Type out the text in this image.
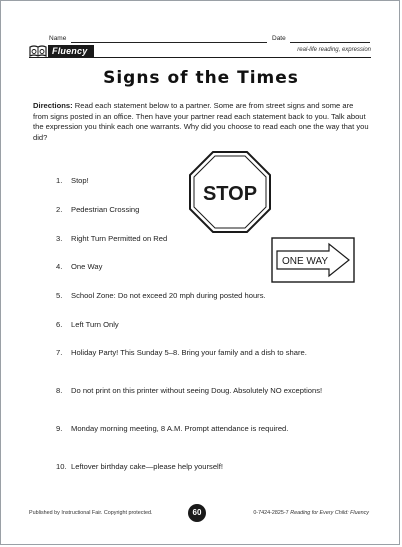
Name	Date
Fluency	real-life reading, expression
Signs of the Times
Directions: Read each statement below to a partner. Some are from street signs and some are from signs posted in an office. Then have your partner read each statement back to you. Talk about the expression you think each one warrants. Why did you choose to read each one the way that you did?
1.	Stop!
2.	Pedestrian Crossing
3.	Right Turn Permitted on Red
4.	One Way
5.	School Zone: Do not exceed 20 mph during posted hours.
6.	Left Turn Only
7.	Holiday Party! This Sunday 5–8. Bring your family and a dish to share.
8.	Do not print on this printer without seeing Doug. Absolutely NO exceptions!
9.	Monday morning meeting, 8 A.M. Prompt attendance is required.
10. Leftover birthday cake—please help yourself!
STOP
ONE WAY
Published by Instructional Fair. Copyright protected.	60	0-7424-2825-7 Reading for Every Child: Fluency
